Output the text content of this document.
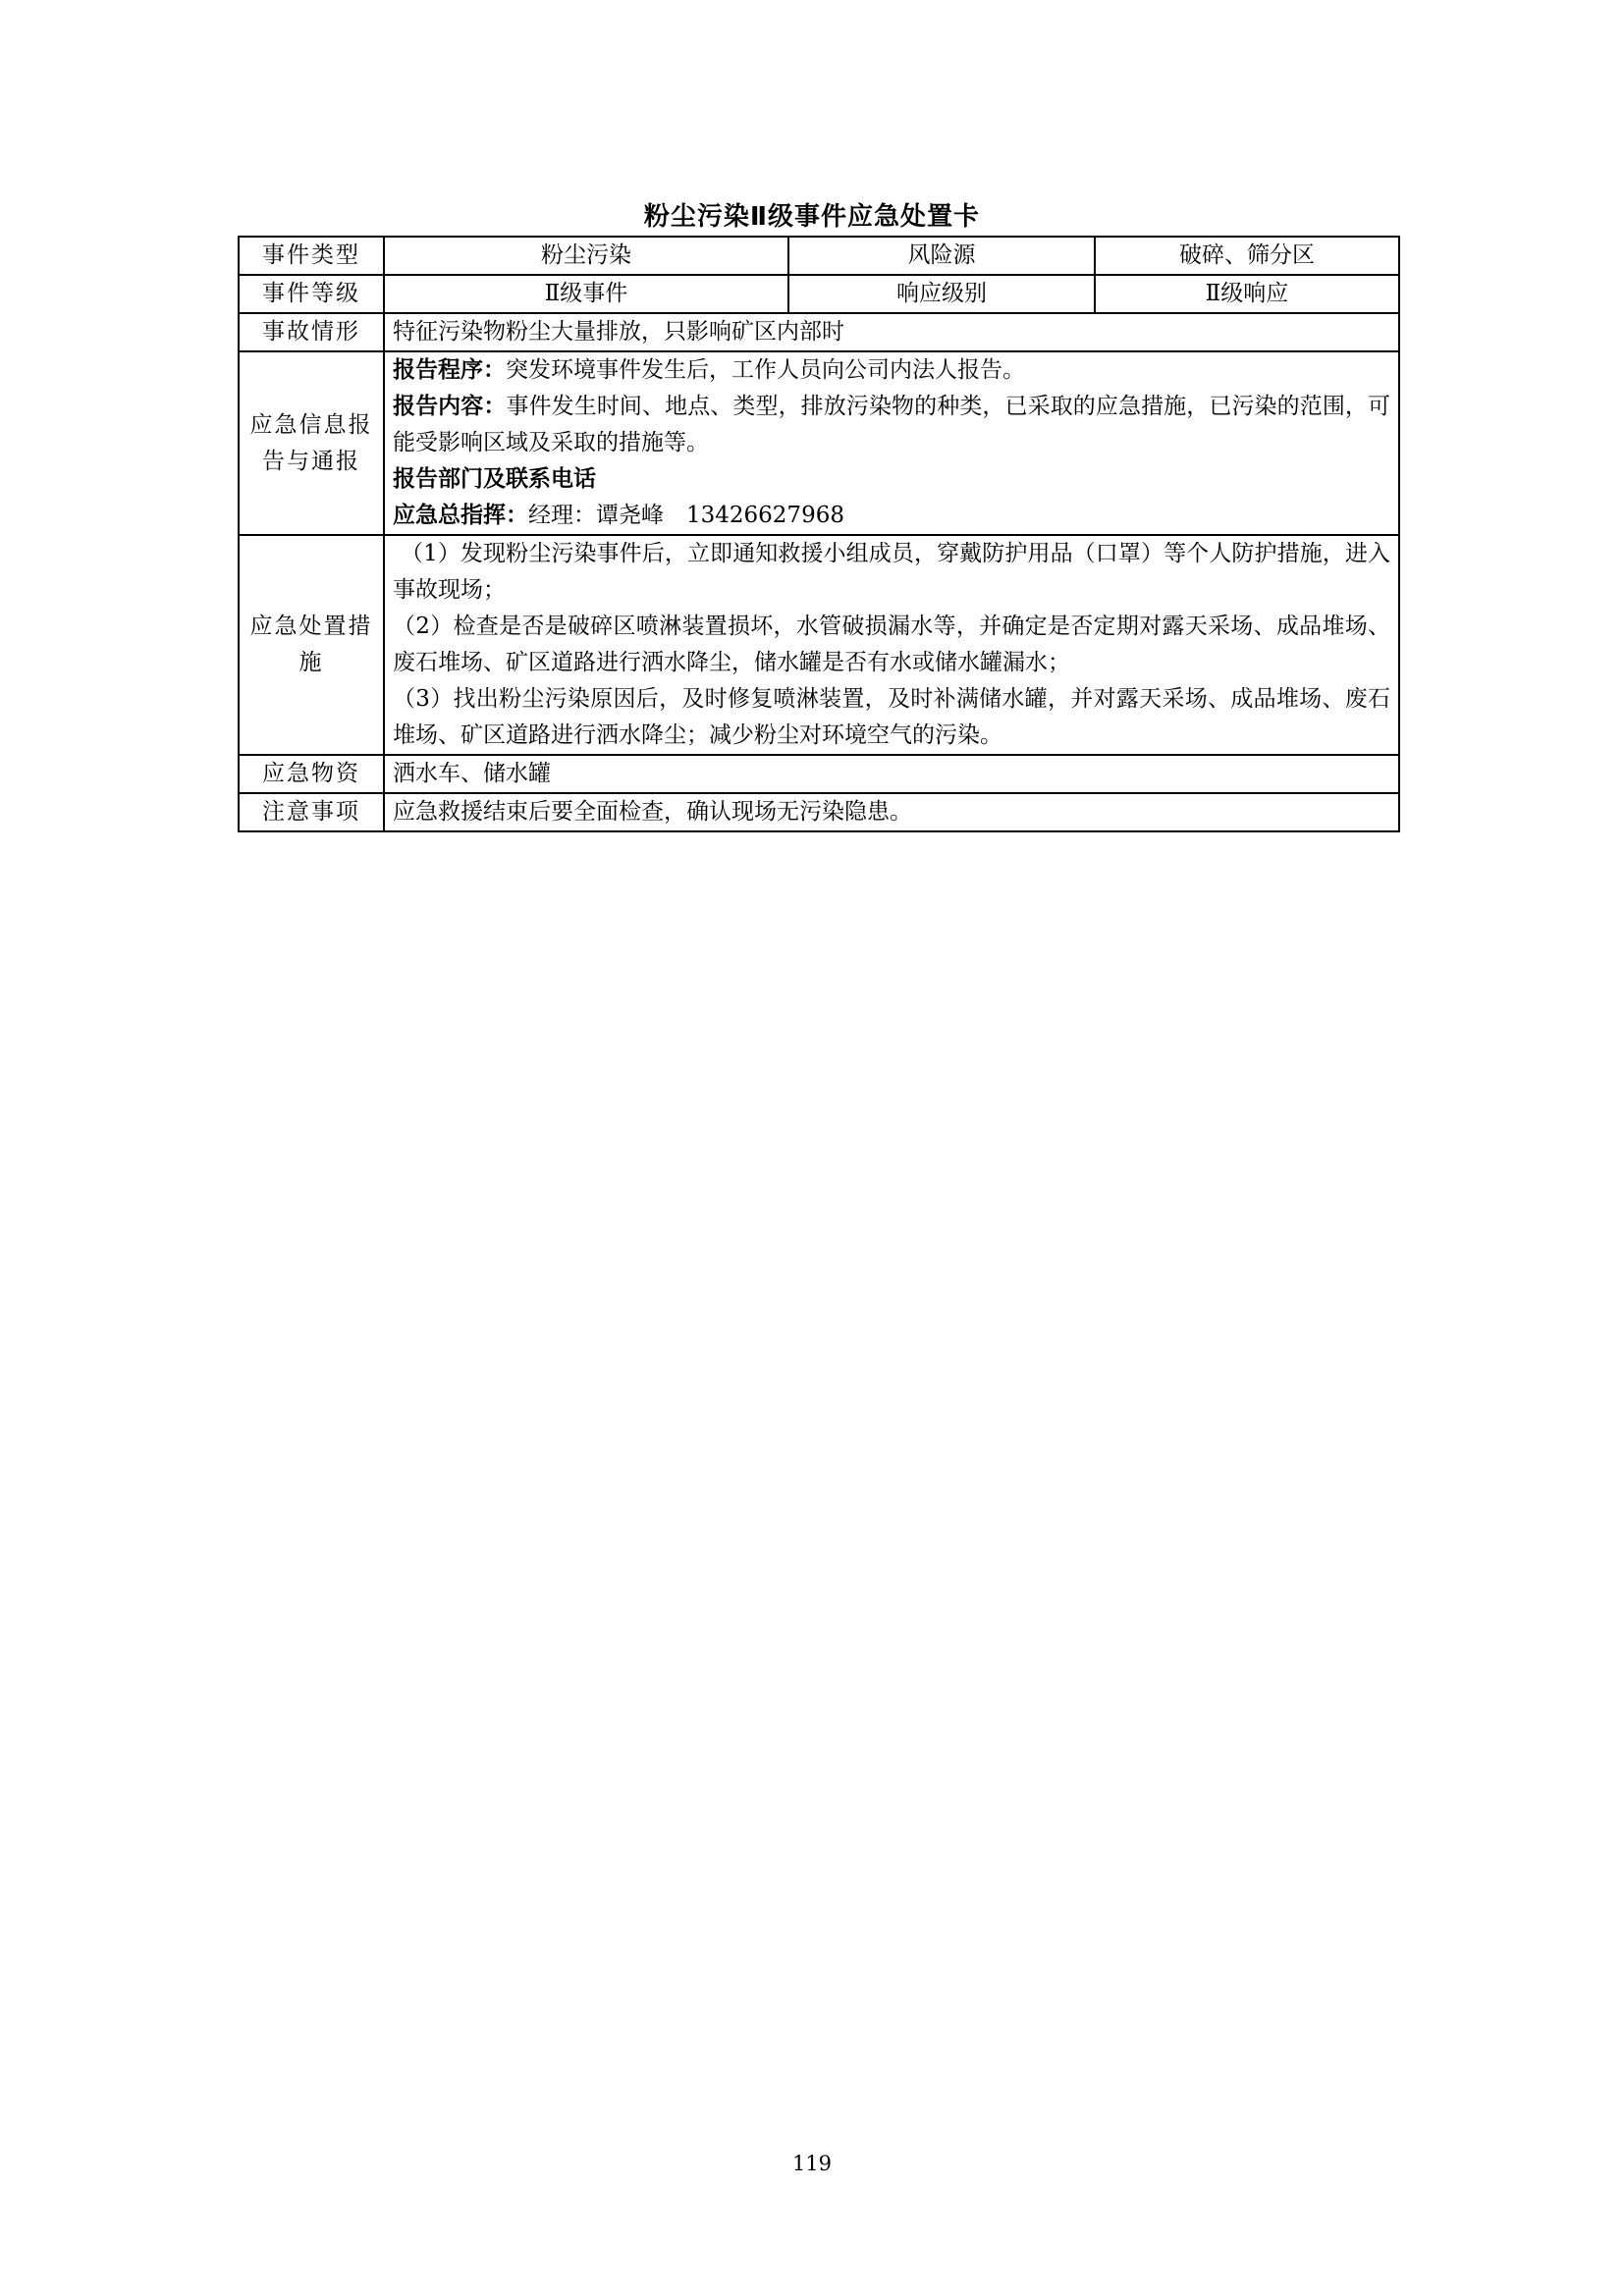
粉尘污染Ⅱ级事件应急处置卡
事件类型	粉尘污染	风险源	破碎、筛分区
事件等级	Ⅱ级事件	响应级别	Ⅱ级响应
事故情形	特征污染物粉尘大量排放，只影响矿区内部时		
应急信息报告与通报	报告程序：突发环境事件发生后，工作人员向公司内法人报告。
报告内容：事件发生时间、地点、类型，排放污染物的种类，已采取的应急措施，已污染的范围，可能受影响区域及采取的措施等。
报告部门及联系电话
应急总指挥：经理：谭尧峰　13426627968		

应急处置措施	（1）发现粉尘污染事件后，立即通知救援小组成员，穿戴防护用品（口罩）等个人防护措施，进入事故现场；
（2）检查是否是破碎区喷淋装置损坏，水管破损漏水等，并确定是否定期对露天采场、成品堆场、废石堆场、矿区道路进行洒水降尘，储水罐是否有水或储水罐漏水；
（3）找出粉尘污染原因后，及时修复喷淋装置，及时补满储水罐，并对露天采场、成品堆场、废石堆场、矿区道路进行洒水降尘；减少粉尘对环境空气的污染。		

应急物资	洒水车、储水罐		
注意事项	应急救援结束后要全面检查，确认现场无污染隐患。		
119
